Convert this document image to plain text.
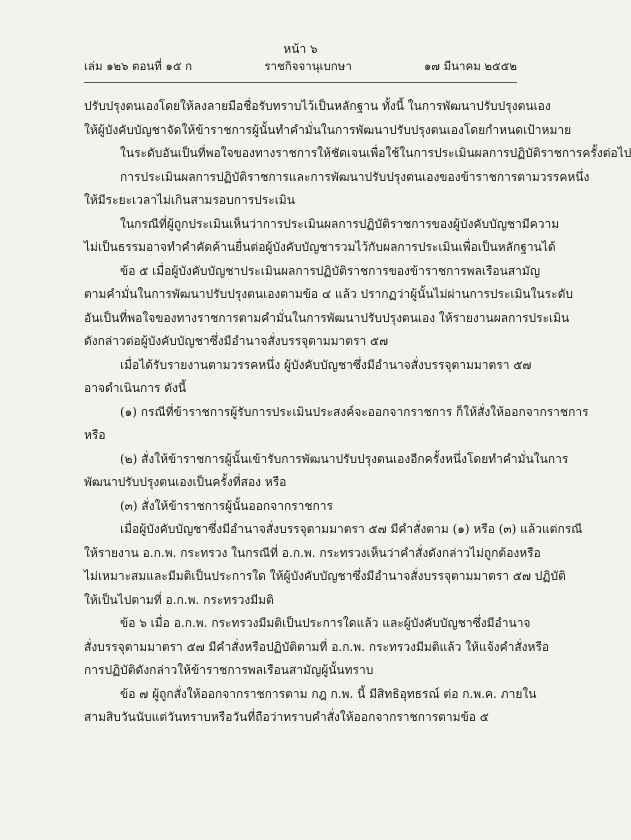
หน้า ๖
เล่ม ๑๒๖ ตอนที่ ๑๕ ก	ราชกิจจานุเบกษา	๑๗ มีนาคม ๒๕๕๒
ปรับปรุงตนเองโดยให้ลงลายมือชื่อรับทราบไว้เป็นหลักฐาน ทั้งนี้ ในการพัฒนาปรับปรุงตนเอง
ให้ผู้บังคับบัญชาจัดให้ข้าราชการผู้นั้นทำคำมั่นในการพัฒนาปรับปรุงตนเองโดยกำหนดเป้าหมาย
ในระดับอันเป็นที่พอใจของทางราชการให้ชัดเจนเพื่อใช้ในการประเมินผลการปฏิบัติราชการครั้งต่อไป
การประเมินผลการปฏิบัติราชการและการพัฒนาปรับปรุงตนเองของข้าราชการตามวรรคหนึ่ง
ให้มีระยะเวลาไม่เกินสามรอบการประเมิน
ในกรณีที่ผู้ถูกประเมินเห็นว่าการประเมินผลการปฏิบัติราชการของผู้บังคับบัญชามีความ
ไม่เป็นธรรมอาจทำคำคัดค้านยื่นต่อผู้บังคับบัญชารวมไว้กับผลการประเมินเพื่อเป็นหลักฐานได้
ข้อ ๕ เมื่อผู้บังคับบัญชาประเมินผลการปฏิบัติราชการของข้าราชการพลเรือนสามัญ
ตามคำมั่นในการพัฒนาปรับปรุงตนเองตามข้อ ๔ แล้ว ปรากฏว่าผู้นั้นไม่ผ่านการประเมินในระดับ
อันเป็นที่พอใจของทางราชการตามคำมั่นในการพัฒนาปรับปรุงตนเอง ให้รายงานผลการประเมิน
ดังกล่าวต่อผู้บังคับบัญชาซึ่งมีอำนาจสั่งบรรจุตามมาตรา ๕๗
เมื่อได้รับรายงานตามวรรคหนึ่ง ผู้บังคับบัญชาซึ่งมีอำนาจสั่งบรรจุตามมาตรา ๕๗
อาจดำเนินการ ดังนี้
(๑) กรณีที่ข้าราชการผู้รับการประเมินประสงค์จะออกจากราชการ ก็ให้สั่งให้ออกจากราชการ
หรือ
(๒) สั่งให้ข้าราชการผู้นั้นเข้ารับการพัฒนาปรับปรุงตนเองอีกครั้งหนึ่งโดยทำคำมั่นในการ
พัฒนาปรับปรุงตนเองเป็นครั้งที่สอง หรือ
(๓) สั่งให้ข้าราชการผู้นั้นออกจากราชการ
เมื่อผู้บังคับบัญชาซึ่งมีอำนาจสั่งบรรจุตามมาตรา ๕๗ มีคำสั่งตาม (๑) หรือ (๓) แล้วแต่กรณี
ให้รายงาน อ.ก.พ. กระทรวง ในกรณีที่ อ.ก.พ. กระทรวงเห็นว่าคำสั่งดังกล่าวไม่ถูกต้องหรือ
ไม่เหมาะสมและมีมติเป็นประการใด ให้ผู้บังคับบัญชาซึ่งมีอำนาจสั่งบรรจุตามมาตรา ๕๗ ปฏิบัติ
ให้เป็นไปตามที่ อ.ก.พ. กระทรวงมีมติ
ข้อ ๖ เมื่อ อ.ก.พ. กระทรวงมีมติเป็นประการใดแล้ว และผู้บังคับบัญชาซึ่งมีอำนาจ
สั่งบรรจุตามมาตรา ๕๗ มีคำสั่งหรือปฏิบัติตามที่ อ.ก.พ. กระทรวงมีมติแล้ว ให้แจ้งคำสั่งหรือ
การปฏิบัติดังกล่าวให้ข้าราชการพลเรือนสามัญผู้นั้นทราบ
ข้อ ๗ ผู้ถูกสั่งให้ออกจากราชการตาม กฎ ก.พ. นี้ มีสิทธิอุทธรณ์ ต่อ ก.พ.ค. ภายใน
สามสิบวันนับแต่วันทราบหรือวันที่ถือว่าทราบคำสั่งให้ออกจากราชการตามข้อ ๕
